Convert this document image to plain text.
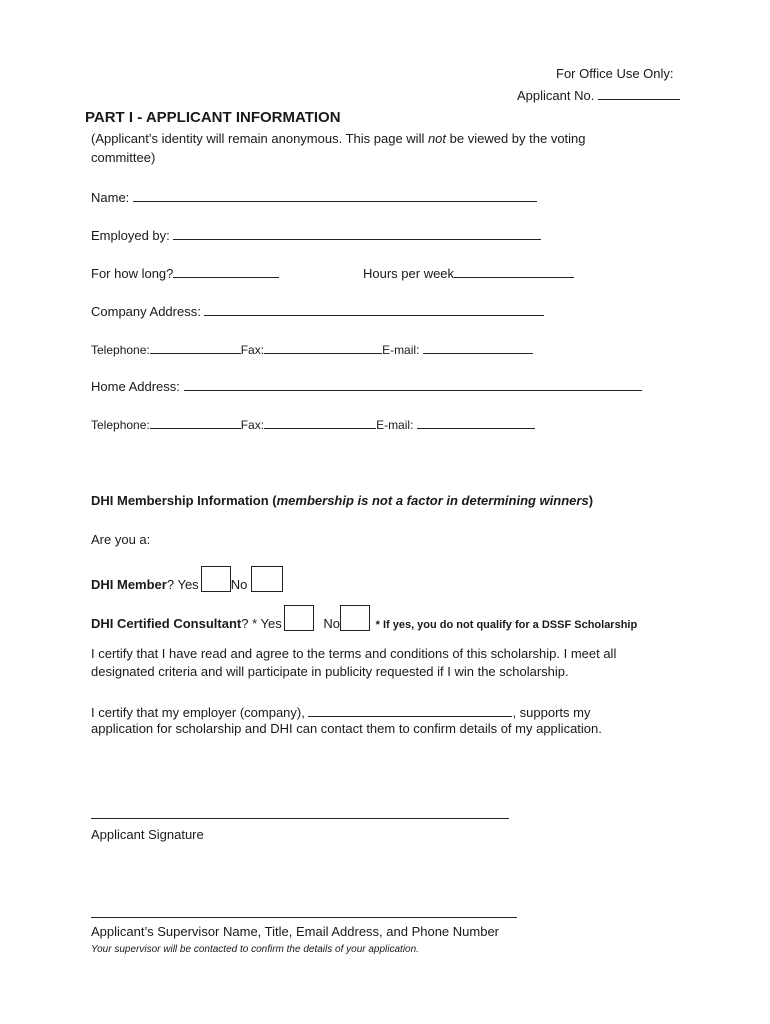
For Office Use Only:
Applicant No.
PART I - APPLICANT INFORMATION
(Applicant’s identity will remain anonymous. This page will not be viewed by the voting
committee)
Name:
Employed by:
For how long?	Hours per week
Company Address:
Telephone:	Fax:	E-mail:
Home Address:
Telephone:	Fax:	E-mail:
DHI Membership Information (membership is not a factor in determining winners)
Are you a:
DHI Member? Yes No
DHI Certified Consultant? * Yes	No	* If yes, you do not qualify for a DSSF Scholarship
I certify that I have read and agree to the terms and conditions of this scholarship. I meet all
designated criteria and will participate in publicity requested if I win the scholarship.
I certify that my employer (company),	, supports my
application for scholarship and DHI can contact them to confirm details of my application.
Applicant Signature
Applicant’s Supervisor Name, Title, Email Address, and Phone Number
Your supervisor will be contacted to confirm the details of your application.
